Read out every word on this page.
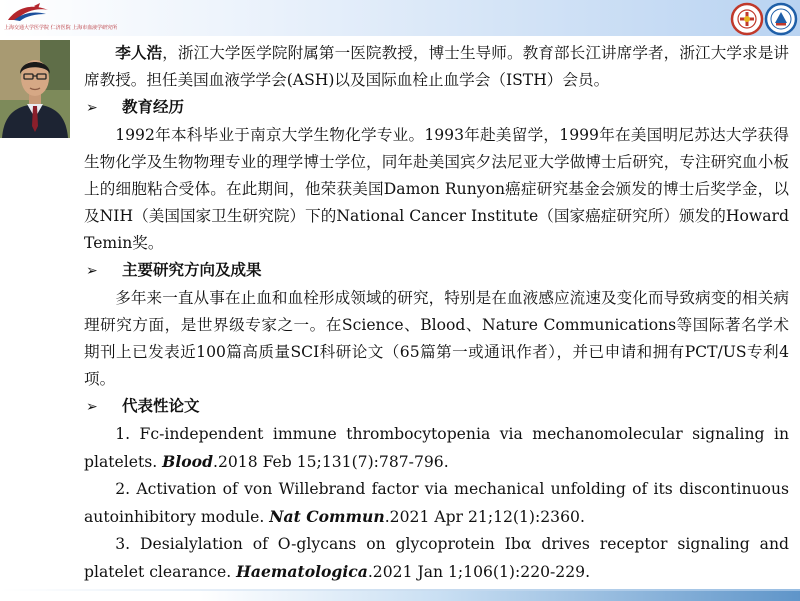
上海交通大学医学院 仁济医院 上海市血液学研究所

李人浩，浙江大学医学院附属第一医院教授，博士生导师。教育部长江讲席学者，浙江大学求是讲席教授。担任美国血液学学会(ASH)以及国际血栓止血学会（ISTH）会员。

➢	教育经历

1992年本科毕业于南京大学生物化学专业。1993年赴美留学，1999年在美国明尼苏达大学获得生物化学及生物物理专业的理学博士学位，同年赴美国宾夕法尼亚大学做博士后研究，专注研究血小板上的细胞粘合受体。在此期间，他荣获美国Damon Runyon癌症研究基金会颁发的博士后奖学金，以及NIH（美国国家卫生研究院）下的National Cancer Institute（国家癌症研究所）颁发的Howard Temin奖。

➢	主要研究方向及成果

多年来一直从事在止血和血栓形成领域的研究，特别是在血液感应流速及变化而导致病变的相关病理研究方面，是世界级专家之一。在Science、Blood、Nature Communications等国际著名学术期刊上已发表近100篇高质量SCI科研论文（65篇第一或通讯作者），并已申请和拥有PCT/US专利4项。

➢	代表性论文

1. Fc-independent immune thrombocytopenia via mechanomolecular signaling in platelets. Blood.2018 Feb 15;131(7):787-796.

2. Activation of von Willebrand factor via mechanical unfolding of its discontinuous autoinhibitory module. Nat Commun.2021 Apr 21;12(1):2360.

3. Desialylation of O-glycans on glycoprotein Ibα drives receptor signaling and platelet clearance. Haematologica.2021 Jan 1;106(1):220-229.
